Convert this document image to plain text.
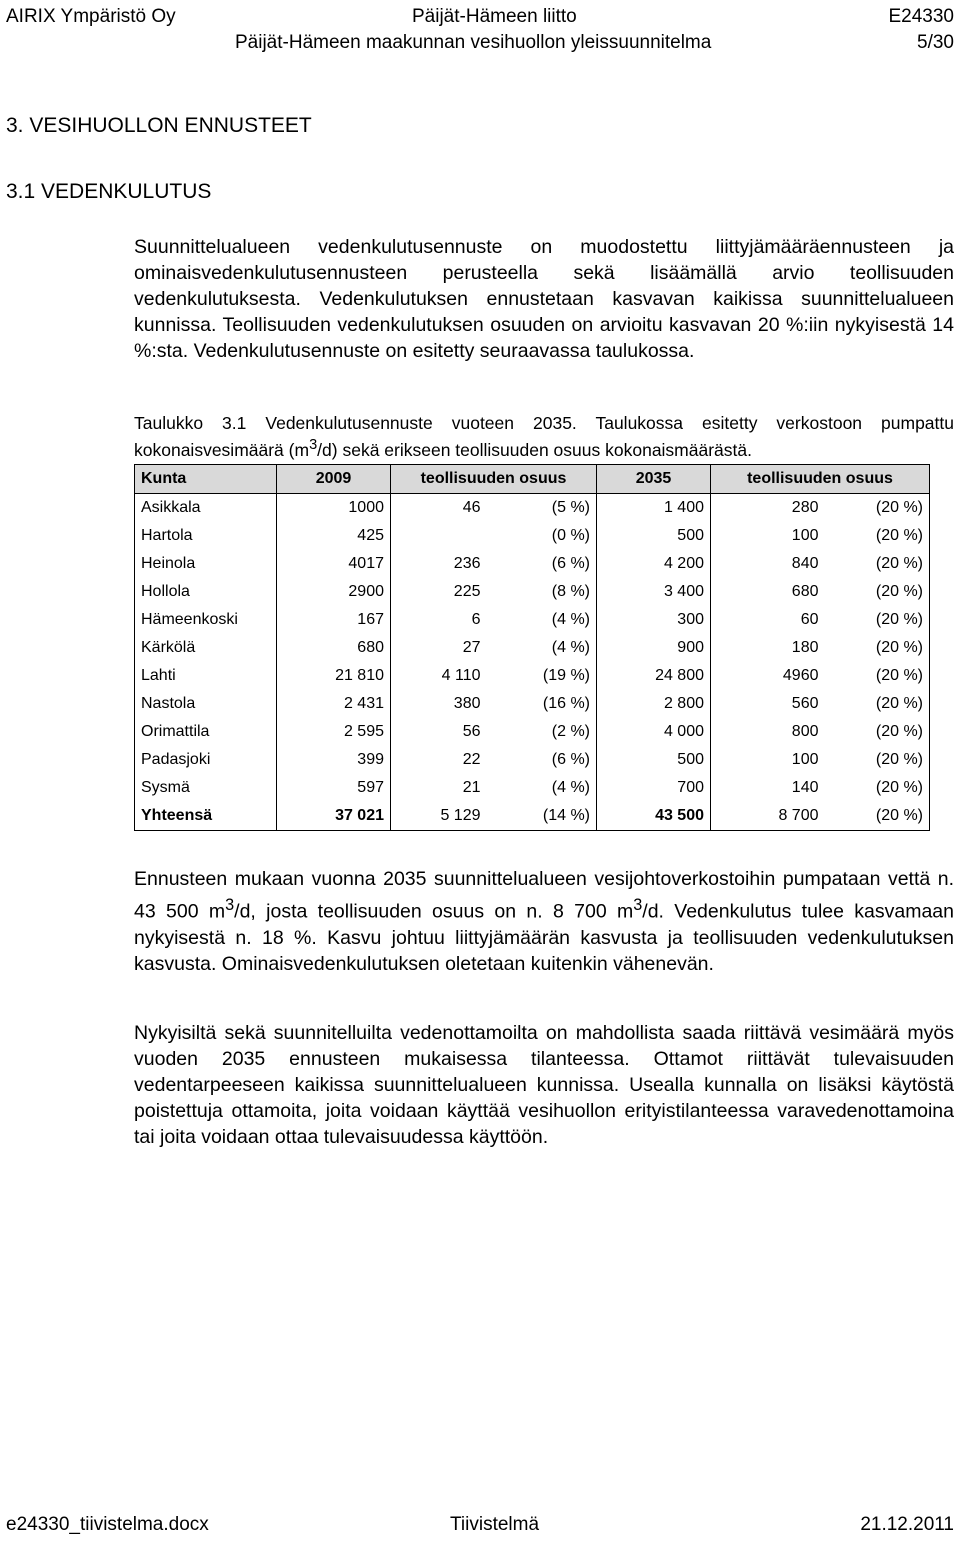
AIRIX Ympäristö Oy	Päijät-Hämeen liitto	E24330
Päijät-Hämeen maakunnan vesihuollon yleissuunnitelma	5/30
3. VESIHUOLLON ENNUSTEET
3.1 VEDENKULUTUS

Suunnittelualueen vedenkulutusennuste on muodostettu liittyjämääräennusteen ja ominaisvedenkulutusennusteen perusteella sekä lisäämällä arvio teollisuuden vedenkulutuksesta. Vedenkulutuksen ennustetaan kasvavan kaikissa suunnittelualueen kunnissa. Teollisuuden vedenkulutuksen osuuden on arvioitu kasvavan 20 %:iin nykyisestä 14 %:sta. Vedenkulutusennuste on esitetty seuraavassa taulukossa.

Taulukko 3.1 Vedenkulutusennuste vuoteen 2035. Taulukossa esitetty verkostoon pumpattu kokonaisvesimäärä $(m^3/d)$ sekä erikseen teollisuuden osuus kokonaismäärästä.

Kunta	2009	teollisuuden osuus		2035	teollisuuden osuus	
Asikkala	1000	46	(5 %)	1 400	280	(20 %)
Hartola	425		(0 %)	500	100	(20 %)
Heinola	4017	236	(6 %)	4 200	840	(20 %)
Hollola	2900	225	(8 %)	3 400	680	(20 %)
Hämeenkoski	167	6	(4 %)	300	60	(20 %)
Kärkölä	680	27	(4 %)	900	180	(20 %)
Lahti	21 810	4 110	(19 %)	24 800	4960	(20 %)
Nastola	2 431	380	(16 %)	2 800	560	(20 %)
Orimattila	2 595	56	(2 %)	4 000	800	(20 %)
Padasjoki	399	22	(6 %)	500	100	(20 %)
Sysmä	597	21	(4 %)	700	140	(20 %)
Yhteensä	37 021	5 129	(14 %)	43 500	8 700	(20 %)

Ennusteen mukaan vuonna 2035 suunnittelualueen vesijohtoverkostoihin pumpataan vettä n. 43 500 $m^3/d$, josta teollisuuden osuus on n. 8 700 $m^3/d$. Vedenkulutus tulee kasvamaan nykyisestä n. 18 %. Kasvu johtuu liittyjämäärän kasvusta ja teollisuuden vedenkulutuksen kasvusta. Ominaisvedenkulutuksen oletetaan kuitenkin vähenevän.

Nykyisiltä sekä suunnitelluilta vedenottamoilta on mahdollista saada riittävä vesimäärä myös vuoden 2035 ennusteen mukaisessa tilanteessa. Ottamot riittävät tulevaisuuden vedentarpeeseen kaikissa suunnittelualueen kunnissa. Usealla kunnalla on lisäksi käytöstä poistettuja ottamoita, joita voidaan käyttää vesihuollon erityistilanteessa varavedenottamoina tai joita voidaan ottaa tulevaisuudessa käyttöön.

e24330_tiivistelma.docx	Tiivistelmä	21.12.2011
